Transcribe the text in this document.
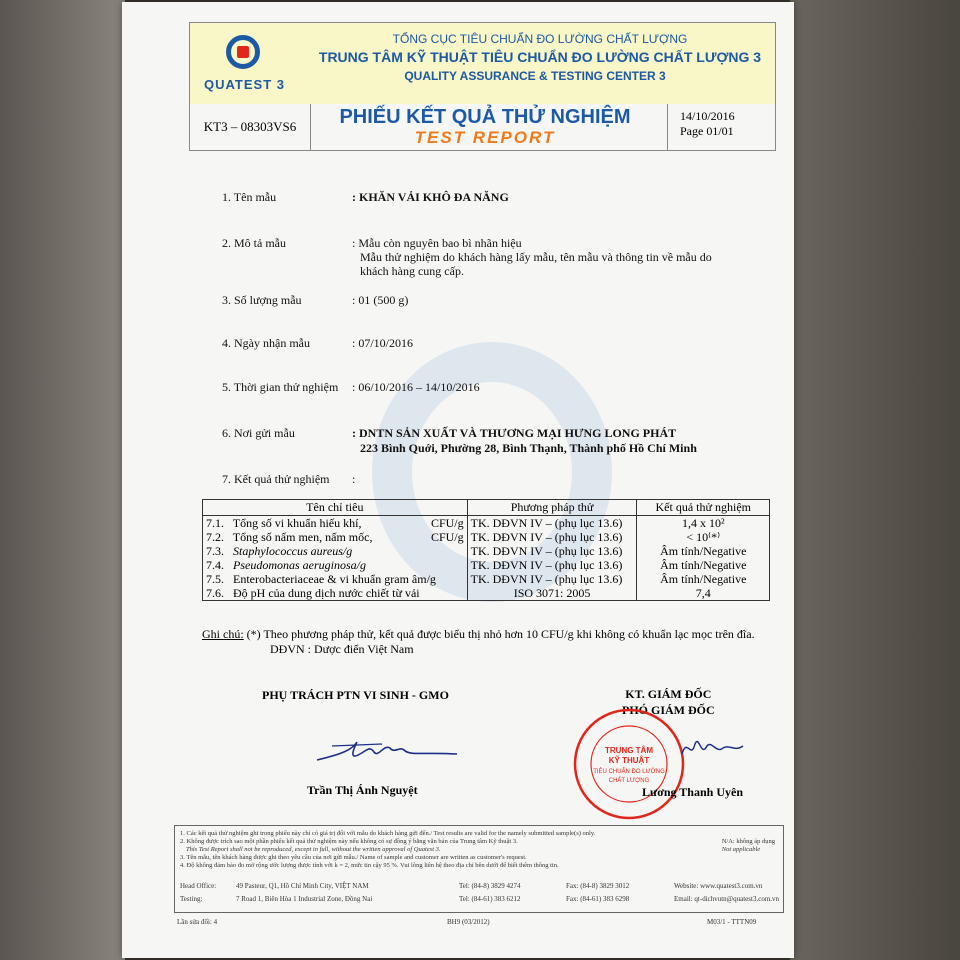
QUATEST 3
TỔNG CỤC TIÊU CHUẨN ĐO LƯỜNG CHẤT LƯỢNG
TRUNG TÂM KỸ THUẬT TIÊU CHUẨN ĐO LƯỜNG CHẤT LƯỢNG 3
QUALITY ASSURANCE & TESTING CENTER 3
KT3 – 08303VS6	PHIẾU KẾT QUẢ THỬ NGHIỆM
TEST REPORT
14/10/2016
Page 01/01
1. Tên mẫu	: KHĂN VẢI KHÔ ĐA NĂNG
2. Mô tả mẫu	: Mẫu còn nguyên bao bì nhãn hiệu
Mẫu thử nghiệm do khách hàng lấy mẫu, tên mẫu và thông tin về mẫu do khách hàng cung cấp.
3. Số lượng mẫu	: 01 (500 g)
4. Ngày nhận mẫu	: 07/10/2016
5. Thời gian thử nghiệm	: 06/10/2016 – 14/10/2016
6. Nơi gửi mẫu	: DNTN SẢN XUẤT VÀ THƯƠNG MẠI HƯNG LONG PHÁT
223 Bình Quới, Phường 28, Bình Thạnh, Thành phố Hồ Chí Minh
7. Kết quả thử nghiệm	:
Tên chỉ tiêu	Phương pháp thử	Kết quả thử nghiệm
7.1. Tổng số vi khuẩn hiếu khí, CFU/g	TK. DĐVN IV – (phụ lục 13.6)	1,4 x 10²
7.2. Tổng số nấm men, nấm mốc, CFU/g	TK. DĐVN IV – (phụ lục 13.6)	< 10⁽*⁾
7.3. Staphylococcus aureus/g	TK. DĐVN IV – (phụ lục 13.6)	Âm tính/Negative
7.4. Pseudomonas aeruginosa/g	TK. DĐVN IV – (phụ lục 13.6)	Âm tính/Negative
7.5. Enterobacteriaceae & vi khuẩn gram âm/g	TK. DĐVN IV – (phụ lục 13.6)	Âm tính/Negative
7.6. Độ pH của dung dịch nước chiết từ vải	ISO 3071: 2005	7,4
Ghi chú: (*) Theo phương pháp thử, kết quả được biểu thị nhỏ hơn 10 CFU/g khi không có khuẩn lạc mọc trên đĩa.
DĐVN : Dược điển Việt Nam
PHỤ TRÁCH PTN VI SINH - GMO	KT. GIÁM ĐỐC
PHÓ GIÁM ĐỐC
TRUNG TÂM
KỸ THUẬT
TIÊU CHUẨN ĐO LƯỜNG
CHẤT LƯỢNG
Trần Thị Ánh Nguyệt	Lương Thanh Uyên
1. Các kết quả thử nghiệm ghi trong phiếu này chỉ có giá trị đối với mẫu do khách hàng gửi đến./ Test results are valid for the namely submitted sample(s) only.
2. Không được trích sao một phần phiếu kết quả thử nghiệm này nếu không có sự đồng ý bằng văn bản của Trung tâm Kỹ thuật 3.
This Test Report shall not be reproduced, except in full, without the written approval of Quatest 3.
3. Tên mẫu, tên khách hàng được ghi theo yêu cầu của nơi gửi mẫu./ Name of sample and customer are written as customer's request.
4. Độ không đảm bảo đo mở rộng ước lượng được tính với k = 2, mức tin cậy 95 %. Vui lòng liên hệ theo địa chỉ bên dưới để biết thêm thông tin.
N/A: không áp dụng
Not applicable
Head Office:	49 Pasteur, Q1, Hồ Chí Minh City, VIỆT NAM	Tel: (84-8) 3829 4274	Fax: (84-8) 3829 3012	Website: www.quatest3.com.vn
Testing:	7 Road 1, Biên Hòa 1 Industrial Zone, Đồng Nai	Tel: (84-61) 383 6212	Fax: (84-61) 383 6298	Email: qt-dichvutn@quatest3.com.vn
Lần sửa đổi: 4	BH9 (03/2012)	M03/1 - TTTN09
